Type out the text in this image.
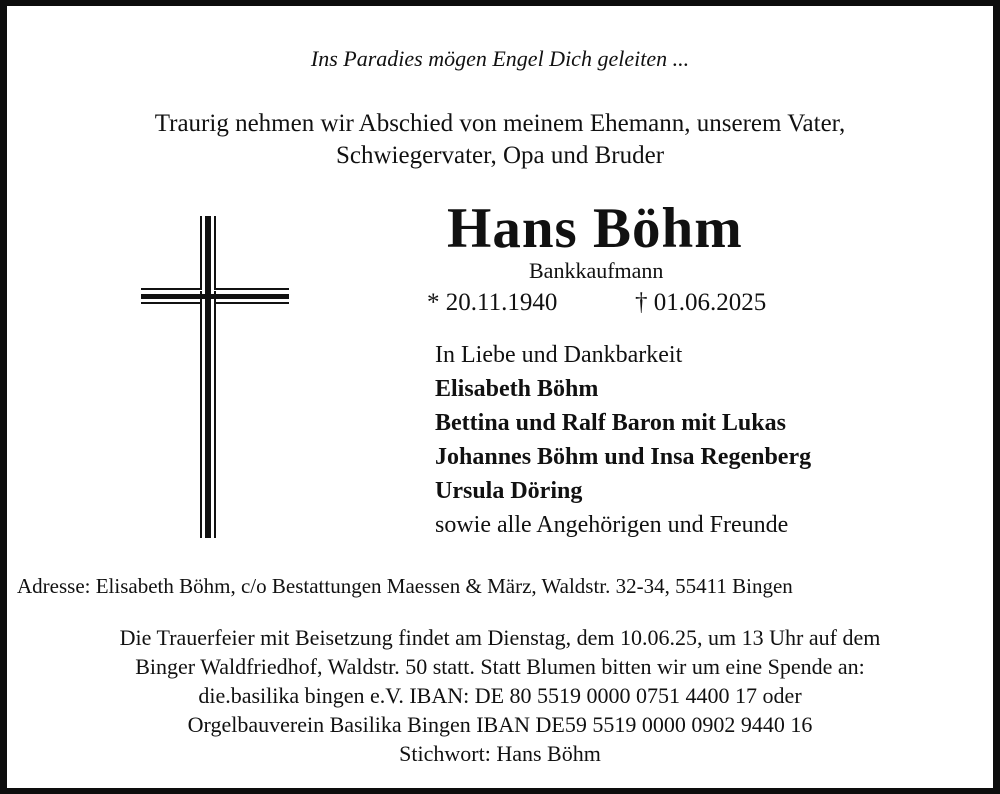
Ins Paradies mögen Engel Dich geleiten ...
Traurig nehmen wir Abschied von meinem Ehemann, unserem Vater,
Schwiegervater, Opa und Bruder
Hans Böhm
Bankkaufmann
* 20.11.1940	† 01.06.2025
In Liebe und Dankbarkeit
Elisabeth Böhm
Bettina und Ralf Baron mit Lukas
Johannes Böhm und Insa Regenberg
Ursula Döring
sowie alle Angehörigen und Freunde
Adresse: Elisabeth Böhm, c/o Bestattungen Maessen & März, Waldstr. 32-34, 55411 Bingen
Die Trauerfeier mit Beisetzung findet am Dienstag, dem 10.06.25, um 13 Uhr auf dem
Binger Waldfriedhof, Waldstr. 50 statt. Statt Blumen bitten wir um eine Spende an:
die.basilika bingen e.V. IBAN: DE 80 5519 0000 0751 4400 17 oder
Orgelbauverein Basilika Bingen IBAN DE59 5519 0000 0902 9440 16
Stichwort: Hans Böhm
